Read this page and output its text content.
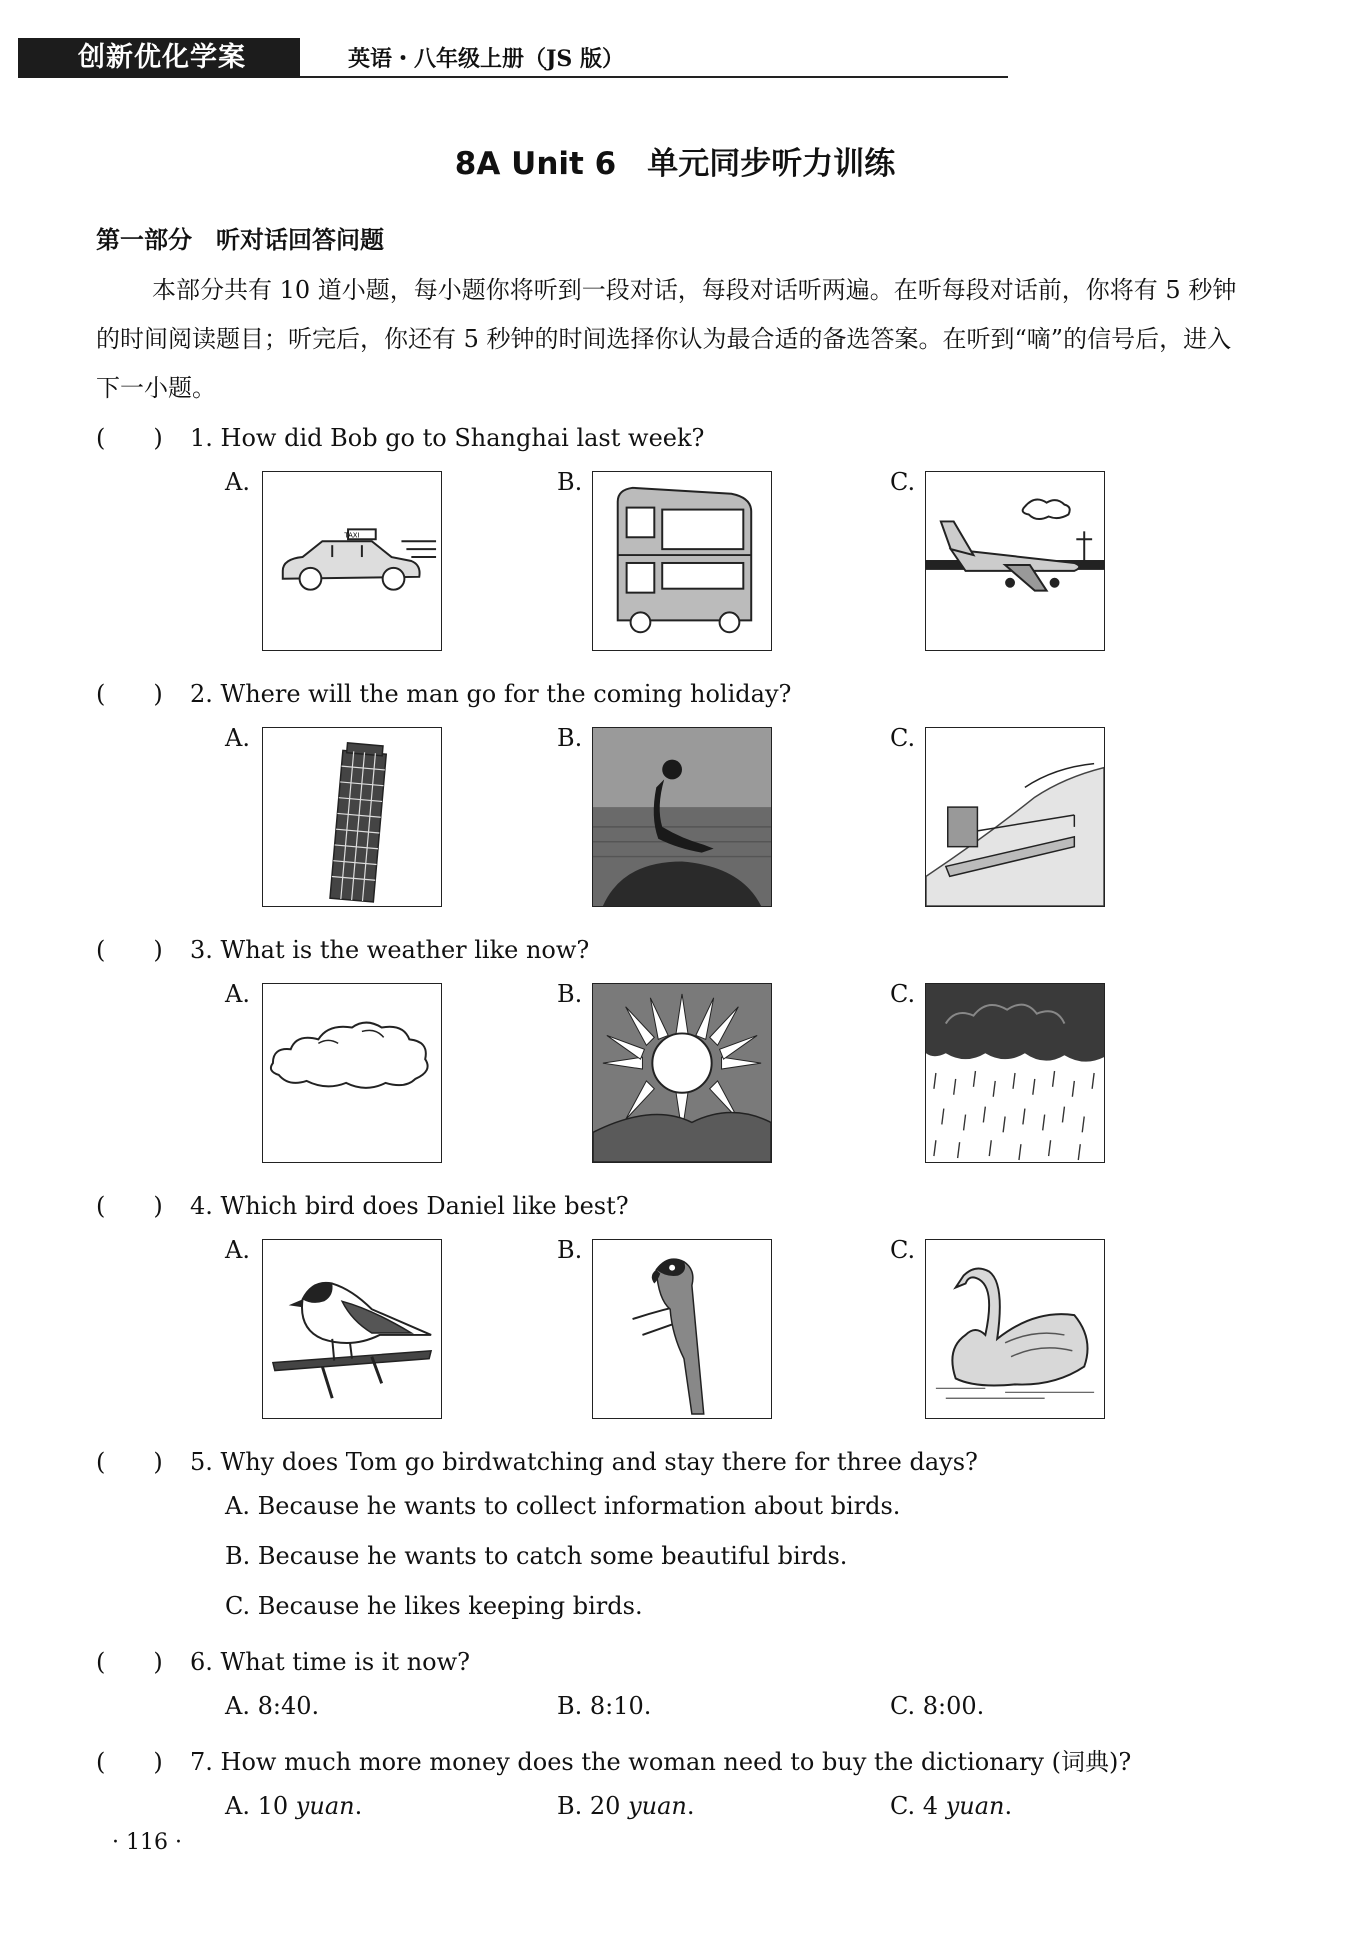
创新优化学案	英语・八年级上册（JS 版）
8A Unit 6　单元同步听力训练
第一部分　听对话回答问题

本部分共有 10 道小题，每小题你将听到一段对话，每段对话听两遍。在听每段对话前，你将有 5 秒钟的时间阅读题目；听完后，你还有 5 秒钟的时间选择你认为最合适的备选答案。在听到“嘀”的信号后，进入下一小题。

(　　) 1. How did Bob go to Shanghai last week?
A.	B.	C.
TAXI
(　　) 2. Where will the man go for the coming holiday?
A.	B.	C.
(　　) 3. What is the weather like now?
A.	B.	C.
(　　) 4. Which bird does Daniel like best?
A.	B.	C.
(　　) 5. Why does Tom go birdwatching and stay there for three days?
A. Because he wants to collect information about birds.
B. Because he wants to catch some beautiful birds.
C. Because he likes keeping birds.
(　　) 6. What time is it now?
A. 8:40.	B. 8:10.	C. 8:00.
(　　) 7. How much more money does the woman need to buy the dictionary (词典)?
A. 10 yuan.	B. 20 yuan.	C. 4 yuan.
· 116 ·
